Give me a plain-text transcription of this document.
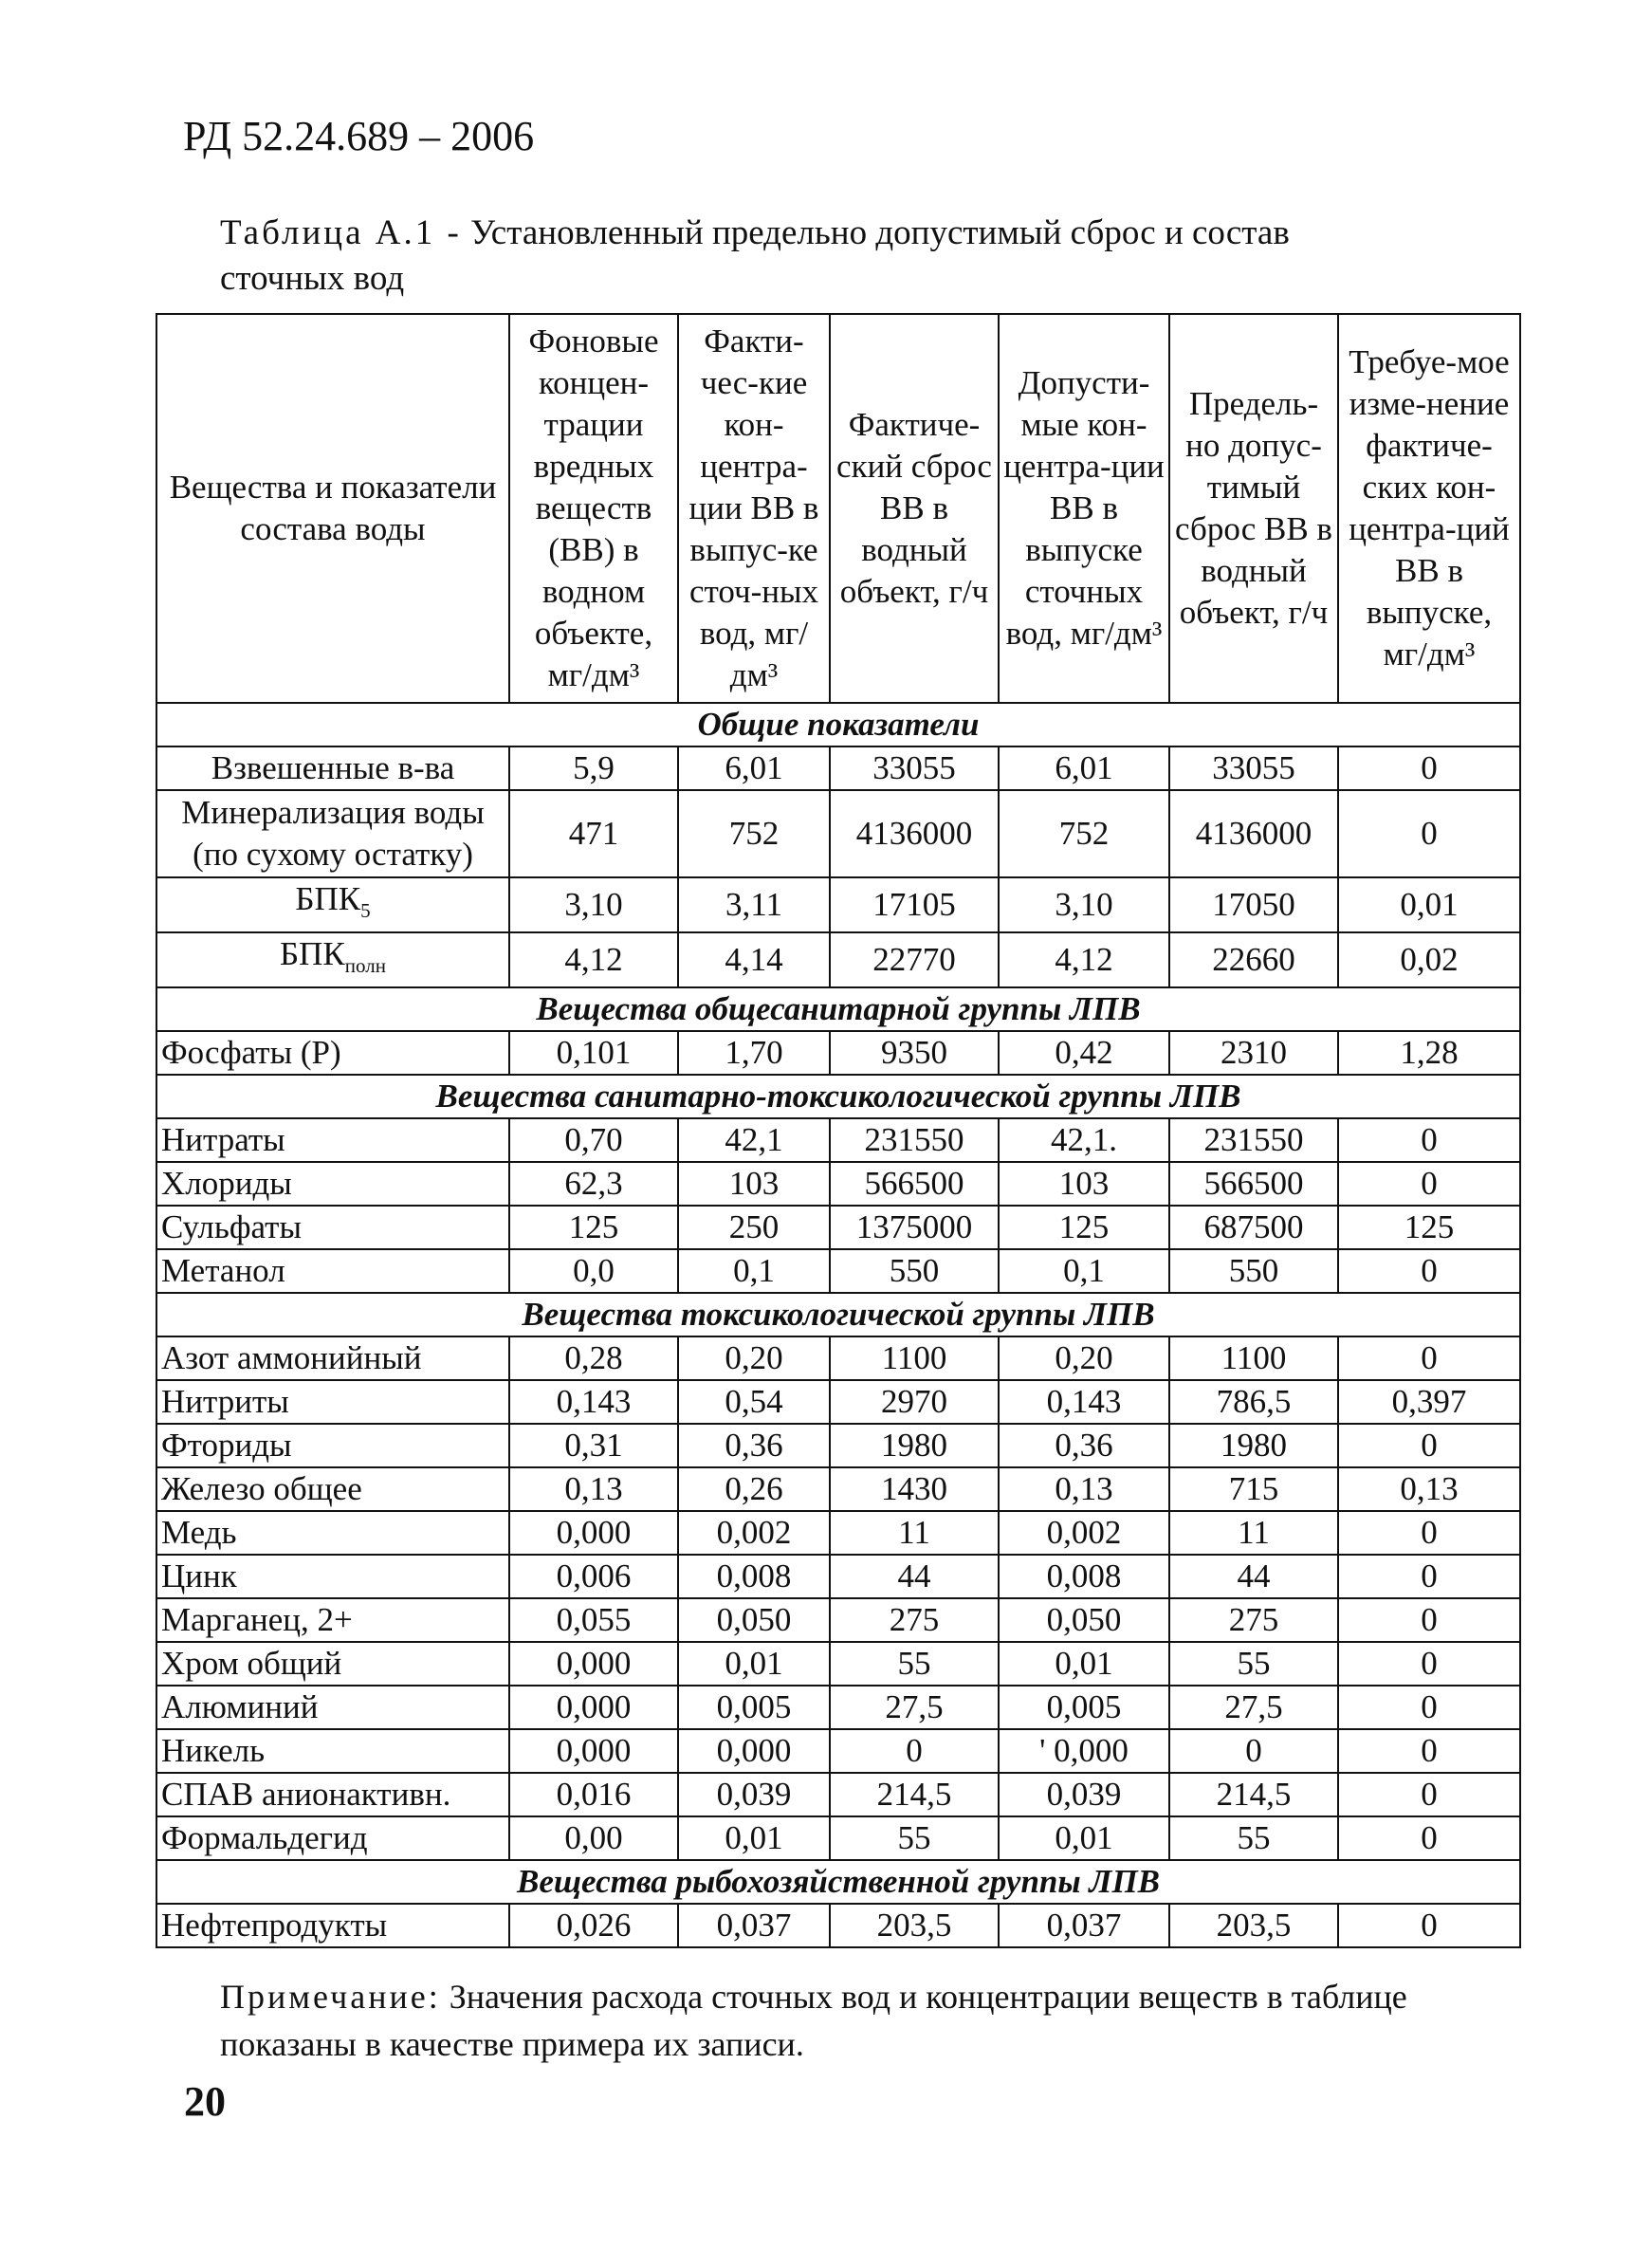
РД 52.24.689 – 2006
Таблица А.1 - Установленный предельно допустимый сброс и состав
сточных вод
Вещества и показатели состава воды	Фоновые концен-трации вредных веществ (ВВ) в водном объекте, мг/дм³	Факти-чес-кие кон-центра-ции ВВ в выпус-ке сточ-ных вод, мг/дм³	Фактиче-ский сброс ВВ в водный объект, г/ч	Допусти-мые кон-центра-ции ВВ в выпуске сточных вод, мг/дм³	Предель-но допус-тимый сброс ВВ в водный объект, г/ч	Требуе-мое изме-нение фактиче-ских кон-центра-ций ВВ в выпуске, мг/дм³
Общие показатели						
Взвешенные в-ва	5,9	6,01	33055	6,01	33055	0
Минерализация воды (по сухому остатку)	471	752	4136000	752	4136000	0
$БПК_5$	3,10	3,11	17105	3,10	17050	0,01
$БПК_{полн}$	4,12	4,14	22770	4,12	22660	0,02
Вещества общесанитарной группы ЛПВ						
Фосфаты (Р)	0,101	1,70	9350	0,42	2310	1,28
Вещества санитарно-токсикологической группы ЛПВ						
Нитраты	0,70	42,1	231550	42,1.	231550	0
Хлориды	62,3	103	566500	103	566500	0
Сульфаты	125	250	1375000	125	687500	125
Метанол	0,0	0,1	550	0,1	550	0
Вещества токсикологической группы ЛПВ						
Азот аммонийный	0,28	0,20	1100	0,20	1100	0
Нитриты	0,143	0,54	2970	0,143	786,5	0,397
Фториды	0,31	0,36	1980	0,36	1980	0
Железо общее	0,13	0,26	1430	0,13	715	0,13
Медь	0,000	0,002	11	0,002	11	0
Цинк	0,006	0,008	44	0,008	44	0
Марганец, 2+	0,055	0,050	275	0,050	275	0
Хром общий	0,000	0,01	55	0,01	55	0
Алюминий	0,000	0,005	27,5	0,005	27,5	0
Никель	0,000	0,000	0	' 0,000	0	0
СПАВ анионактивн.	0,016	0,039	214,5	0,039	214,5	0
Формальдегид	0,00	0,01	55	0,01	55	0
Вещества рыбохозяйственной группы ЛПВ						
Нефтепродукты	0,026	0,037	203,5	0,037	203,5	0
Примечание: Значения расхода сточных вод и концентрации веществ в таблице показаны в качестве примера их записи.
20
